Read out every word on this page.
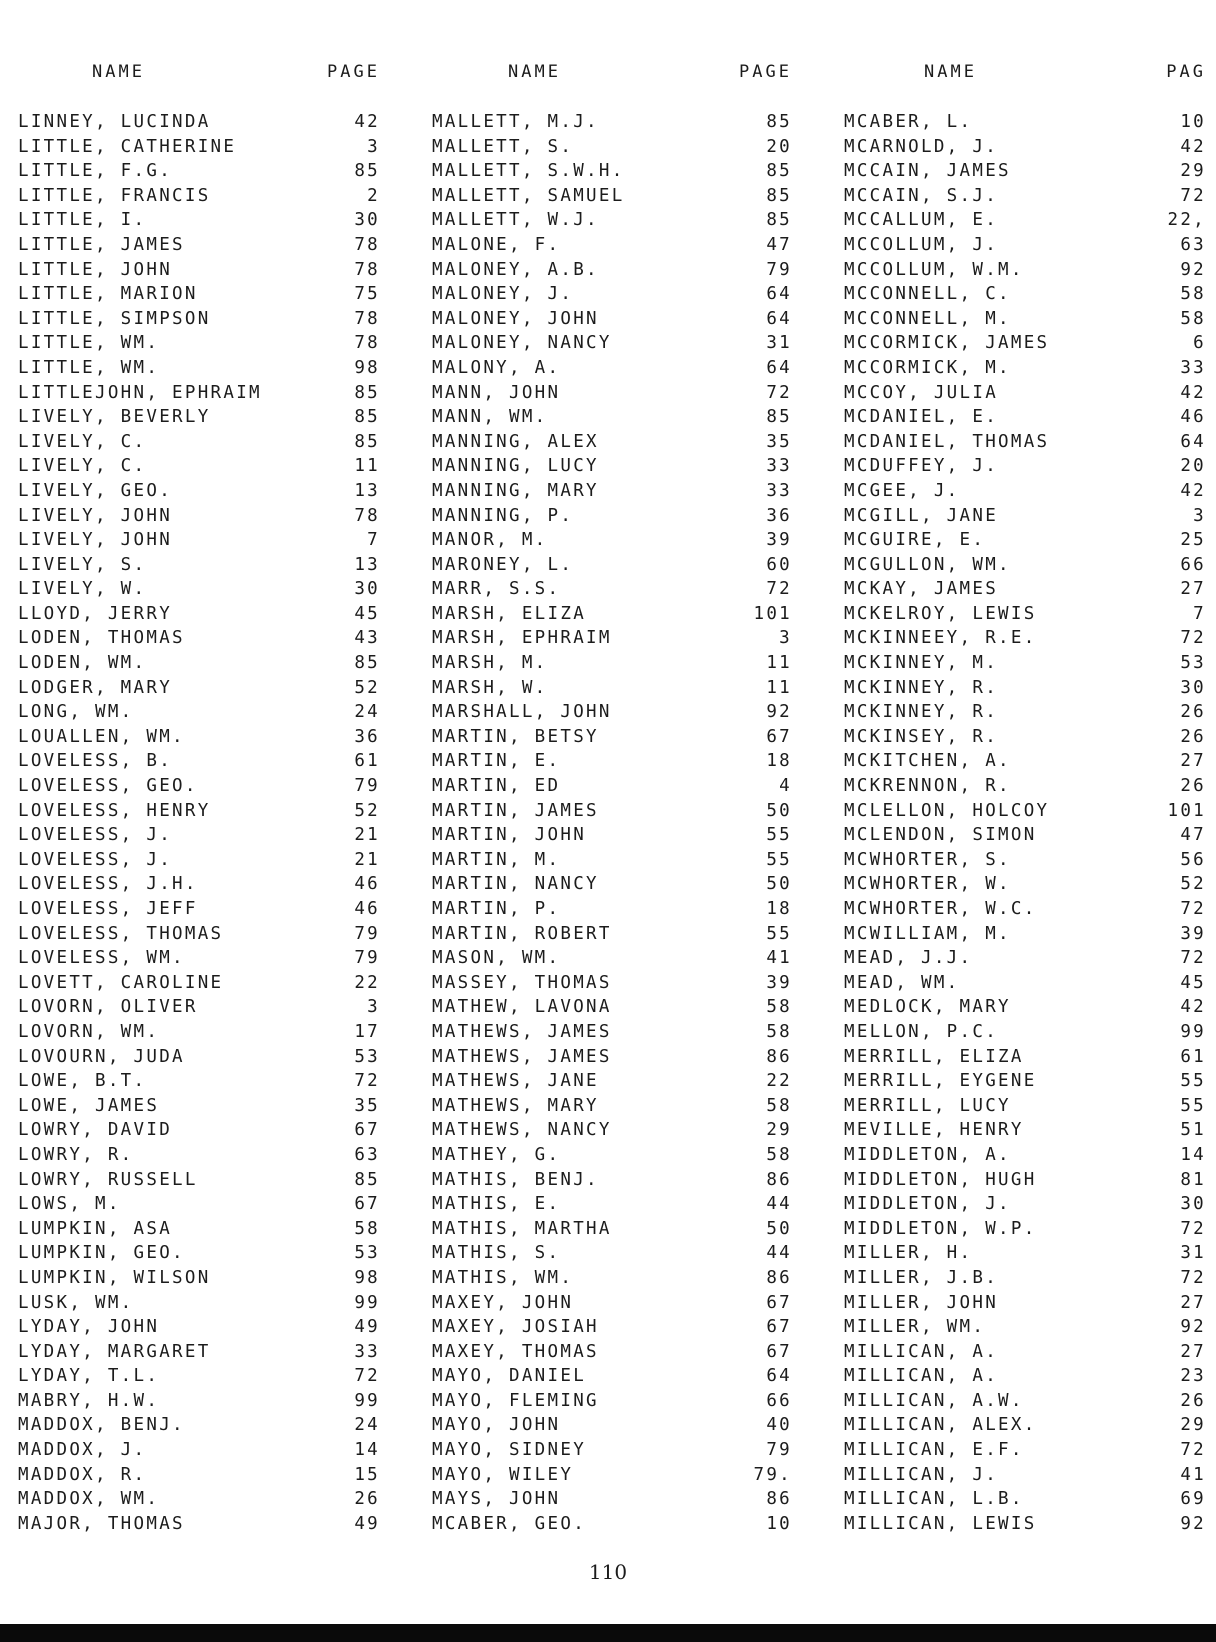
NAME	PAGE
LINNEY, LUCINDA	42
LITTLE, CATHERINE	3
LITTLE, F.G.	85
LITTLE, FRANCIS	2
LITTLE, I.	30
LITTLE, JAMES	78
LITTLE, JOHN	78
LITTLE, MARION	75
LITTLE, SIMPSON	78
LITTLE, WM.	78
LITTLE, WM.	98
LITTLEJOHN, EPHRAIM	85
LIVELY, BEVERLY	85
LIVELY, C.	85
LIVELY, C.	11
LIVELY, GEO.	13
LIVELY, JOHN	78
LIVELY, JOHN	7
LIVELY, S.	13
LIVELY, W.	30
LLOYD, JERRY	45
LODEN, THOMAS	43
LODEN, WM.	85
LODGER, MARY	52
LONG, WM.	24
LOUALLEN, WM.	36
LOVELESS, B.	61
LOVELESS, GEO.	79
LOVELESS, HENRY	52
LOVELESS, J.	21
LOVELESS, J.	21
LOVELESS, J.H.	46
LOVELESS, JEFF	46
LOVELESS, THOMAS	79
LOVELESS, WM.	79
LOVETT, CAROLINE	22
LOVORN, OLIVER	3
LOVORN, WM.	17
LOVOURN, JUDA	53
LOWE, B.T.	72
LOWE, JAMES	35
LOWRY, DAVID	67
LOWRY, R.	63
LOWRY, RUSSELL	85
LOWS, M.	67
LUMPKIN, ASA	58
LUMPKIN, GEO.	53
LUMPKIN, WILSON	98
LUSK, WM.	99
LYDAY, JOHN	49
LYDAY, MARGARET	33
LYDAY, T.L.	72
MABRY, H.W.	99
MADDOX, BENJ.	24
MADDOX, J.	14
MADDOX, R.	15
MADDOX, WM.	26
MAJOR, THOMAS	49
NAME	PAGE
MALLETT, M.J.	85
MALLETT, S.	20
MALLETT, S.W.H.	85
MALLETT, SAMUEL	85
MALLETT, W.J.	85
MALONE, F.	47
MALONEY, A.B.	79
MALONEY, J.	64
MALONEY, JOHN	64
MALONEY, NANCY	31
MALONY, A.	64
MANN, JOHN	72
MANN, WM.	85
MANNING, ALEX	35
MANNING, LUCY	33
MANNING, MARY	33
MANNING, P.	36
MANOR, M.	39
MARONEY, L.	60
MARR, S.S.	72
MARSH, ELIZA	101
MARSH, EPHRAIM	3
MARSH, M.	11
MARSH, W.	11
MARSHALL, JOHN	92
MARTIN, BETSY	67
MARTIN, E.	18
MARTIN, ED	4
MARTIN, JAMES	50
MARTIN, JOHN	55
MARTIN, M.	55
MARTIN, NANCY	50
MARTIN, P.	18
MARTIN, ROBERT	55
MASON, WM.	41
MASSEY, THOMAS	39
MATHEW, LAVONA	58
MATHEWS, JAMES	58
MATHEWS, JAMES	86
MATHEWS, JANE	22
MATHEWS, MARY	58
MATHEWS, NANCY	29
MATHEY, G.	58
MATHIS, BENJ.	86
MATHIS, E.	44
MATHIS, MARTHA	50
MATHIS, S.	44
MATHIS, WM.	86
MAXEY, JOHN	67
MAXEY, JOSIAH	67
MAXEY, THOMAS	67
MAYO, DANIEL	64
MAYO, FLEMING	66
MAYO, JOHN	40
MAYO, SIDNEY	79
MAYO, WILEY	79.
MAYS, JOHN	86
MCABER, GEO.	10
NAME	PAG
MCABER, L.	10
MCARNOLD, J.	42
MCCAIN, JAMES	29
MCCAIN, S.J.	72
MCCALLUM, E.	22,
MCCOLLUM, J.	63
MCCOLLUM, W.M.	92
MCCONNELL, C.	58
MCCONNELL, M.	58
MCCORMICK, JAMES	6
MCCORMICK, M.	33
MCCOY, JULIA	42
MCDANIEL, E.	46
MCDANIEL, THOMAS	64
MCDUFFEY, J.	20
MCGEE, J.	42
MCGILL, JANE	3
MCGUIRE, E.	25
MCGULLON, WM.	66
MCKAY, JAMES	27
MCKELROY, LEWIS	7
MCKINNEEY, R.E.	72
MCKINNEY, M.	53
MCKINNEY, R.	30
MCKINNEY, R.	26
MCKINSEY, R.	26
MCKITCHEN, A.	27
MCKRENNON, R.	26
MCLELLON, HOLCOY	101
MCLENDON, SIMON	47
MCWHORTER, S.	56
MCWHORTER, W.	52
MCWHORTER, W.C.	72
MCWILLIAM, M.	39
MEAD, J.J.	72
MEAD, WM.	45
MEDLOCK, MARY	42
MELLON, P.C.	99
MERRILL, ELIZA	61
MERRILL, EYGENE	55
MERRILL, LUCY	55
MEVILLE, HENRY	51
MIDDLETON, A.	14
MIDDLETON, HUGH	81
MIDDLETON, J.	30
MIDDLETON, W.P.	72
MILLER, H.	31
MILLER, J.B.	72
MILLER, JOHN	27
MILLER, WM.	92
MILLICAN, A.	27
MILLICAN, A.	23
MILLICAN, A.W.	26
MILLICAN, ALEX.	29
MILLICAN, E.F.	72
MILLICAN, J.	41
MILLICAN, L.B.	69
MILLICAN, LEWIS	92
110
